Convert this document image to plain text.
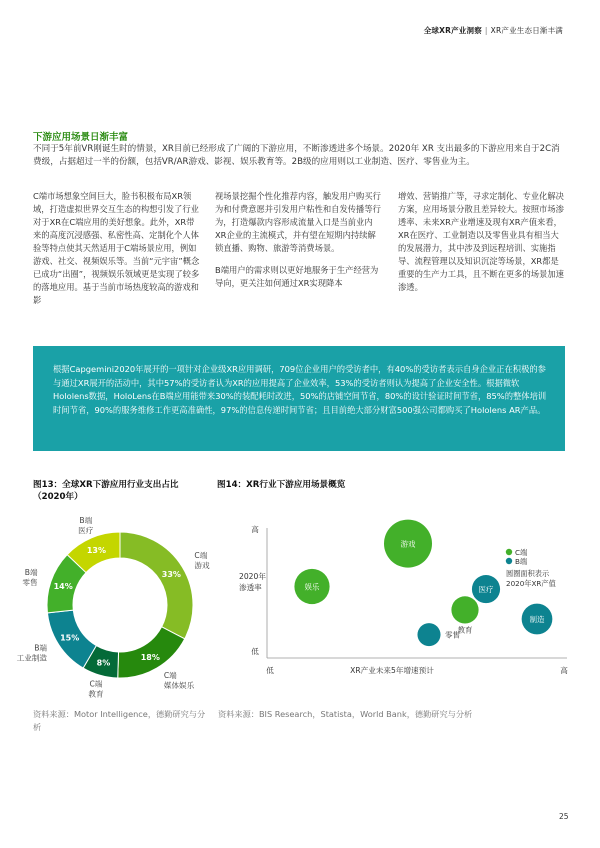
全球XR产业洞察 | XR产业生态日渐丰满
下游应用场景日渐丰富
不同于5年前VR刚诞生时的情景，XR目前已经形成了广阔的下游应用，不断渗透进多个场景。2020年 XR 支出最多的下游应用来自于2C消费级，占据超过一半的份额，包括VR/AR游戏、影视、娱乐教育等。2B级的应用则以工业制造、医疗、零售业为主。

C端市场想象空间巨大，脸书积极布局XR领域，打造虚拟世界交互生态的构想引发了行业对于XR在C端应用的美好想象。此外，XR带来的高度沉浸感强、私密性高、定制化个人体验等特点使其天然适用于C端场景应用，例如游戏、社交、视频娱乐等。当前“元宇宙”概念已成功“出圈”，视频娱乐领域更是实现了较多的落地应用。基于当前市场热度较高的游戏和影

视场景挖掘个性化推荐内容，触发用户购买行为和付费意愿并引发用户粘性和自发传播等行为，打造爆款内容形成流量入口是当前业内XR企业的主流模式，并有望在短期内持续解锁直播、购物、旅游等消费场景。

B端用户的需求则以更好地服务于生产经营为导向，更关注如何通过XR实现降本

增效、营销推广等，寻求定制化、专业化解决方案，应用场景分散且差异较大。按照市场渗透率、未来XR产业增速及现有XR产值来看，XR在医疗、工业制造以及零售业具有相当大的发展潜力，其中涉及到远程培训、实施指导、流程管理以及知识沉淀等场景，XR都是重要的生产力工具，且不断在更多的场景加速渗透。

根据Capgemini2020年展开的一项针对企业级XR应用调研，709位企业用户的受访者中，有40%的受访者表示自身企业正在积极的参与通过XR展开的活动中，其中57%的受访者认为XR的应用提高了企业效率，53%的受访者则认为提高了企业安全性。根据微软Hololens数据，HoloLens在B端应用能带来30%的装配耗时改进，50%的店铺空间节省，80%的设计验证时间节省，85%的整体培训时间节省，90%的服务维修工作更高准确性，97%的信息传递时间节省；且目前绝大部分财富500强公司都购买了Hololens AR产品。
图13：全球XR下游应用行业支出占比（2020年）
图14：XR行业下游应用场景概览
33%
C端
游戏
18%
C端
媒体娱乐
8%
C端
教育
15%
B端
工业制造
14%
B端
零售
13%
B端
医疗	高
低
2020年
渗透率
低	高
XR产业未来5年增速预计
游戏
娱乐
教育
医疗
零售
制造
C端
B端
圆圈面积表示
2020年XR产值
资料来源：Motor Intelligence，德勤研究与分析
资料来源：BIS Research，Statista，World Bank，德勤研究与分析
25
